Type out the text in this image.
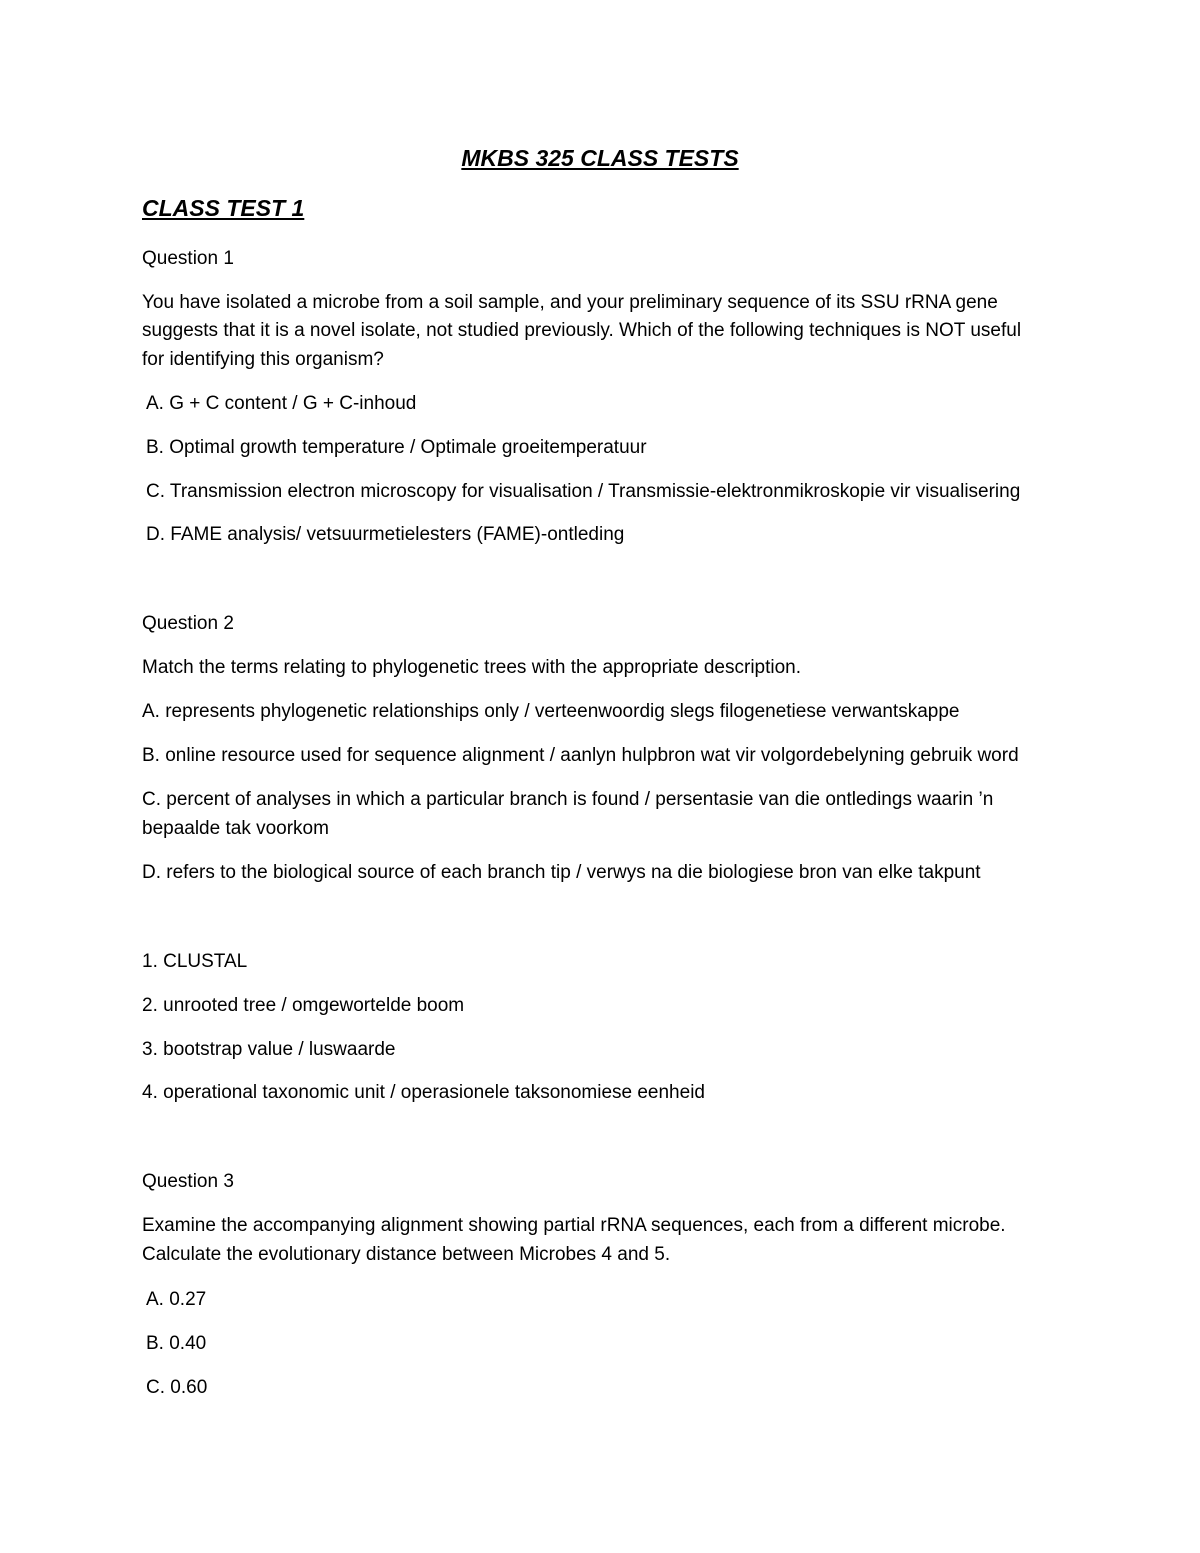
MKBS 325 CLASS TESTS
CLASS TEST 1

Question 1

You have isolated a microbe from a soil sample, and your preliminary sequence of its SSU rRNA gene

suggests that it is a novel isolate, not studied previously. Which of the following techniques is NOT useful

for identifying this organism?

A. G + C content / G + C-inhoud

B. Optimal growth temperature / Optimale groeitemperatuur

C. Transmission electron microscopy for visualisation / Transmissie-elektronmikroskopie vir visualisering

D. FAME analysis/ vetsuurmetielesters (FAME)-ontleding

Question 2

Match the terms relating to phylogenetic trees with the appropriate description.

A. represents phylogenetic relationships only / verteenwoordig slegs filogenetiese verwantskappe

B. online resource used for sequence alignment / aanlyn hulpbron wat vir volgordebelyning gebruik word

C. percent of analyses in which a particular branch is found / persentasie van die ontledings waarin ’n

bepaalde tak voorkom

D. refers to the biological source of each branch tip / verwys na die biologiese bron van elke takpunt

1. CLUSTAL

2. unrooted tree / omgewortelde boom

3. bootstrap value / luswaarde

4. operational taxonomic unit / operasionele taksonomiese eenheid

Question 3

Examine the accompanying alignment showing partial rRNA sequences, each from a different microbe.

Calculate the evolutionary distance between Microbes 4 and 5.

A. 0.27

B. 0.40

C. 0.60
